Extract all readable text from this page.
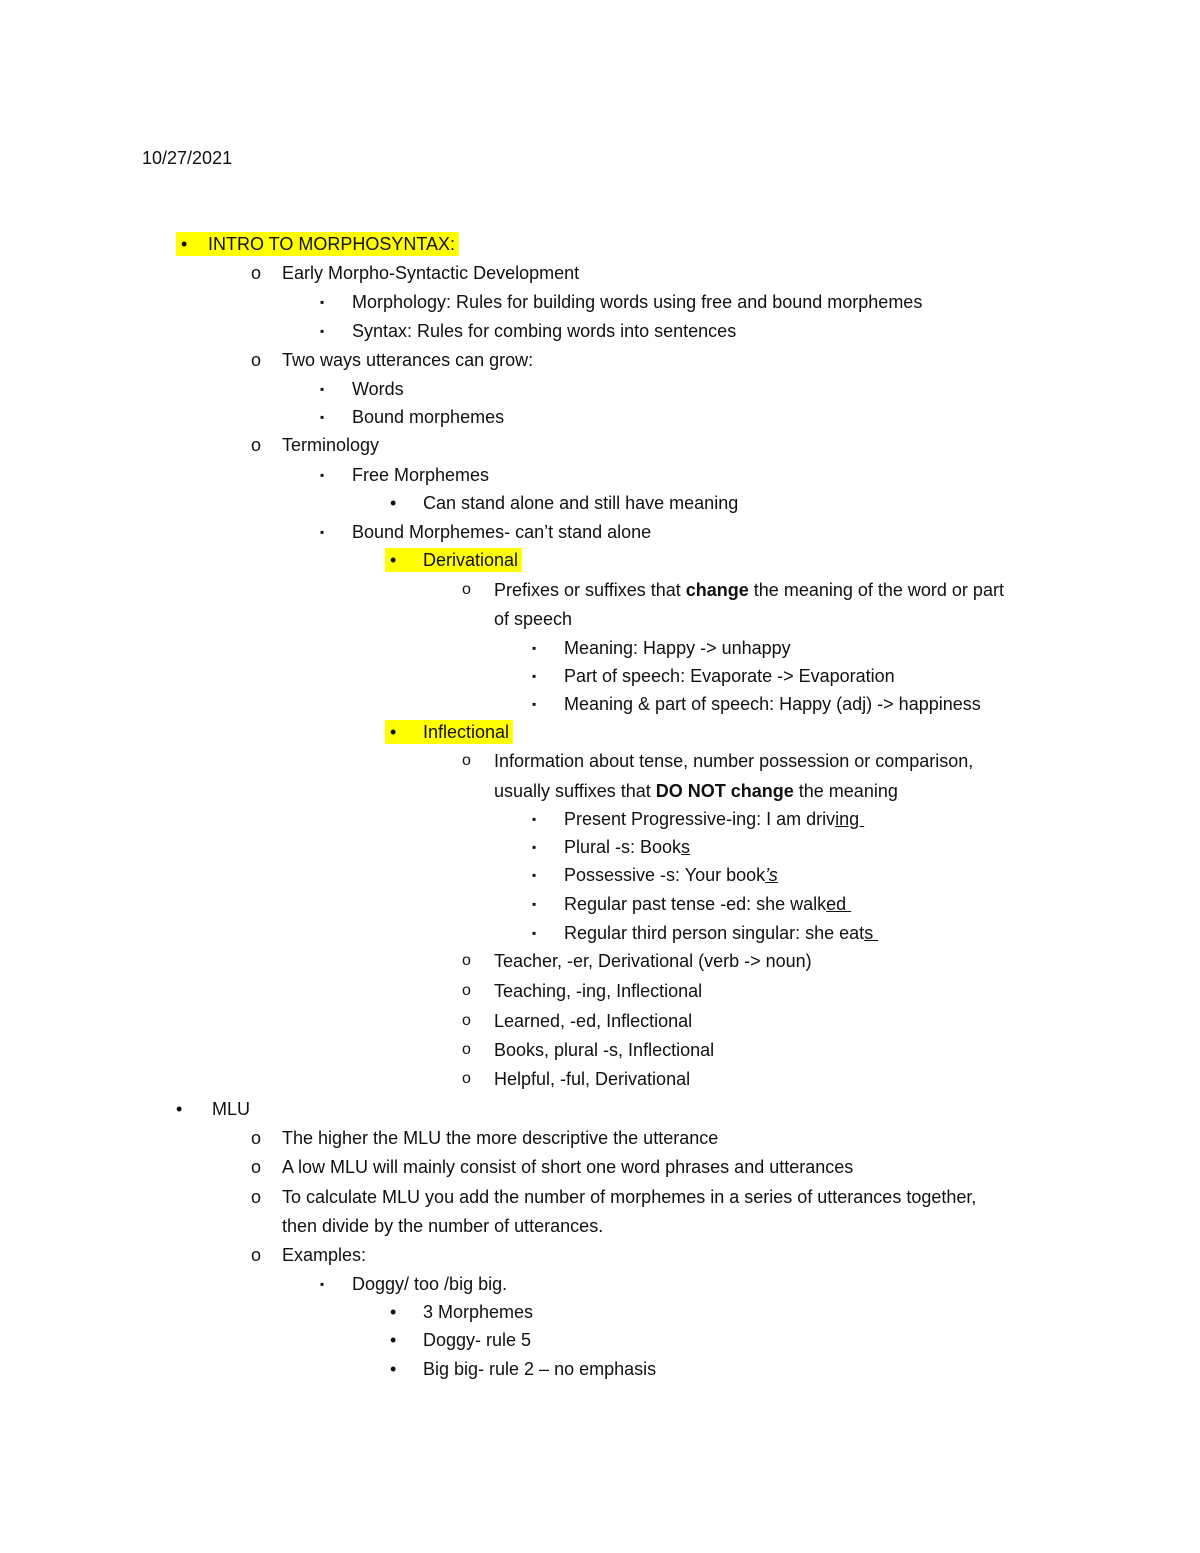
10/27/2021
•	INTRO TO MORPHOSYNTAX:
o Early Morpho-Syntactic Development
▪ Morphology: Rules for building words using free and bound morphemes
▪ Syntax: Rules for combing words into sentences
o Two ways utterances can grow:
▪ Words
▪ Bound morphemes
o Terminology
▪ Free Morphemes
• Can stand alone and still have meaning
▪ Bound Morphemes- can’t stand alone
•	Derivational
o Prefixes or suffixes that change the meaning of the word or part
of speech
▪ Meaning: Happy -> unhappy
▪ Part of speech: Evaporate -> Evaporation
▪ Meaning & part of speech: Happy (adj) -> happiness
•	Inflectional
o Information about tense, number possession or comparison,
usually suffixes that DO NOT change the meaning
▪ Present Progressive-ing: I am driving
▪ Plural -s: Books
▪ Possessive -s: Your book’s
▪ Regular past tense -ed: she walked
▪ Regular third person singular: she eats
o Teacher, -er, Derivational (verb -> noun)
o Teaching, -ing, Inflectional
o Learned, -ed, Inflectional
o Books, plural -s, Inflectional
o Helpful, -ful, Derivational
• MLU
o The higher the MLU the more descriptive the utterance
o A low MLU will mainly consist of short one word phrases and utterances
o To calculate MLU you add the number of morphemes in a series of utterances together,
then divide by the number of utterances.
o Examples:
▪ Doggy/ too /big big.
• 3 Morphemes
• Doggy- rule 5
• Big big- rule 2 – no emphasis
